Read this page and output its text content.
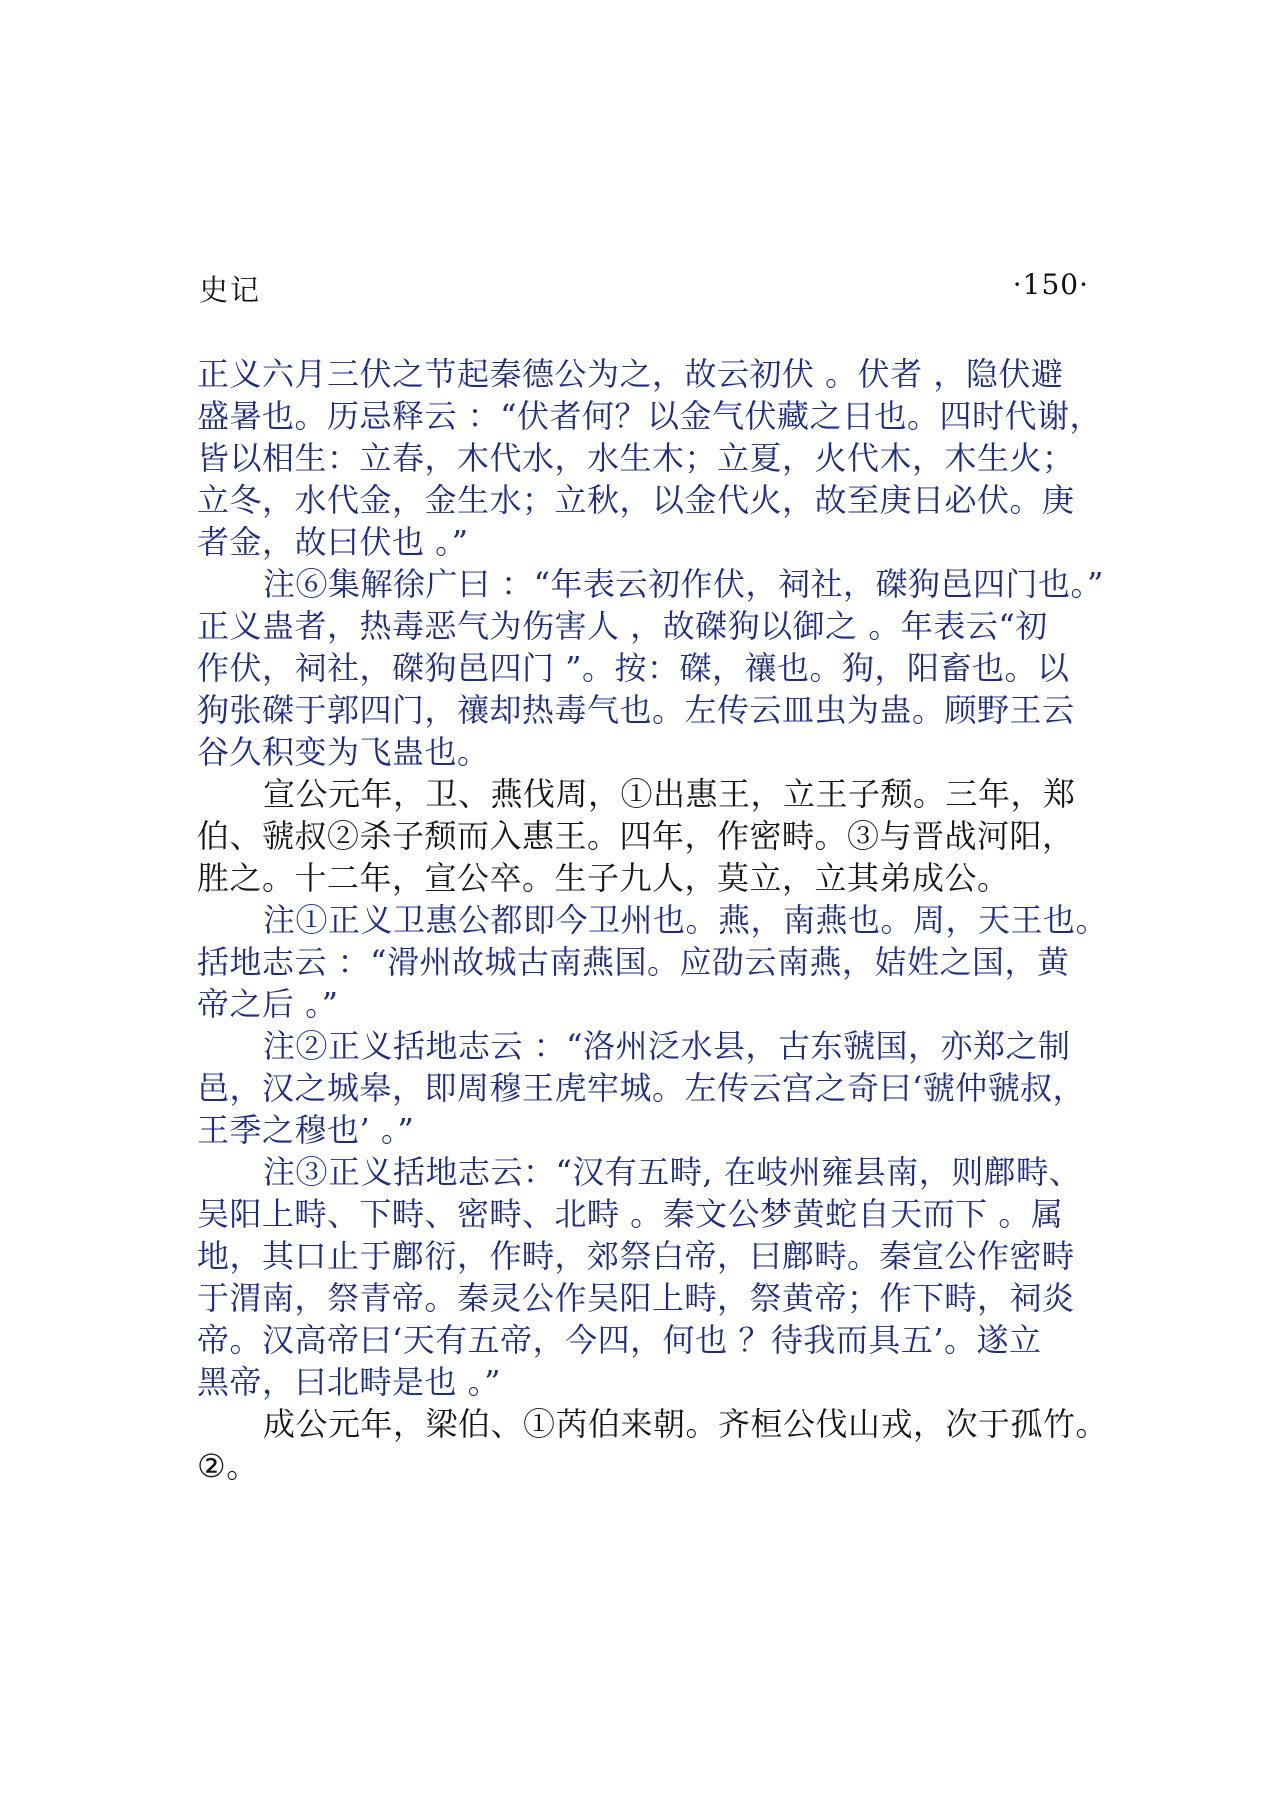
史记	·150·
正义六月三伏之节起秦德公为之，故云初伏 。伏者 ，隐伏避
盛暑也。历忌释云 ：“伏者何？以金气伏藏之日也。四时代谢，
皆以相生：立春，木代水，水生木；立夏，火代木，木生火；
立冬，水代金，金生水；立秋，以金代火，故至庚日必伏。庚
者金，故曰伏也 。”
注⑥集解徐广曰 ：“年表云初作伏，祠社，磔狗邑四门也。”
正义蛊者，热毒恶气为伤害人 ，故磔狗以御之 。年表云“初
作伏，祠社，磔狗邑四门 ”。按：磔，禳也。狗，阳畜也。以
狗张磔于郭四门，禳却热毒气也。左传云皿虫为蛊。顾野王云
谷久积变为飞蛊也。
宣公元年，卫、燕伐周，①出惠王，立王子颓。三年，郑
伯、虢叔②杀子颓而入惠王。四年，作密畤。③与晋战河阳，
胜之。十二年，宣公卒。生子九人，莫立，立其弟成公。
注①正义卫惠公都即今卫州也。燕，南燕也。周，天王也。
括地志云 ：“滑州故城古南燕国。应劭云南燕，姞姓之国，黄
帝之后 。”
注②正义括地志云 ：“洛州泛水县，古东虢国，亦郑之制
邑，汉之城皋，即周穆王虎牢城。左传云宫之奇曰‘虢仲虢叔，
王季之穆也’ 。”
注③正义括地志云：“汉有五畤, 在岐州雍县南，则鄜畤、
吴阳上畤、下畤、密畤、北畤 。秦文公梦黄蛇自天而下 。属
地，其口止于鄜衍，作畤，郊祭白帝，曰鄜畤。秦宣公作密畤
于渭南，祭青帝。秦灵公作吴阳上畤，祭黄帝；作下畤，祠炎
帝。汉高帝曰‘天有五帝，今四，何也 ？待我而具五’。遂立
黑帝，曰北畤是也 。”
成公元年，梁伯、①芮伯来朝。齐桓公伐山戎，次于孤竹。
②。
